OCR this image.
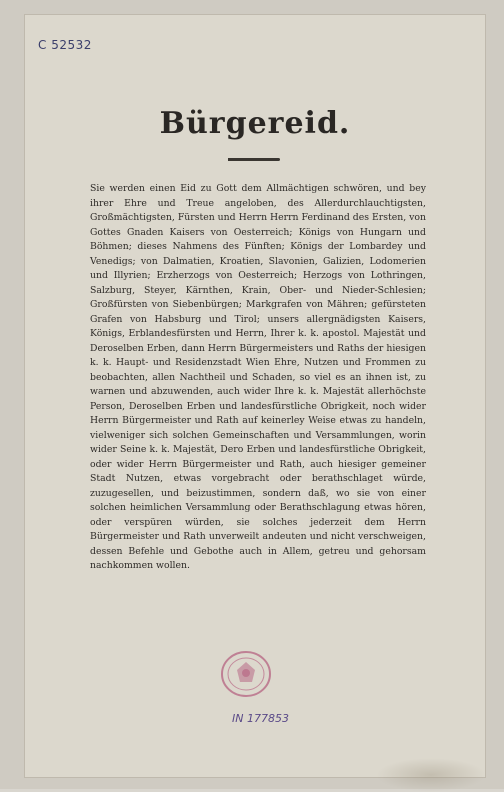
C 52532
Bürgereid.

Sie werden einen Eid zu Gott dem Allmächtigen schwören, und bey ihrer Ehre und Treue angeloben, des Allerdurchlauchtigsten, Großmächtigsten, Fürsten und Herrn Herrn Ferdinand des Ersten, von Gottes Gnaden Kaisers von Oesterreich; Königs von Hungarn und Böhmen; dieses Nahmens des Fünften; Königs der Lombardey und Venedigs; von Dalmatien, Kroatien, Slavonien, Galizien, Lodomerien und Illyrien; Erzherzogs von Oesterreich; Herzogs von Lothringen, Salzburg, Steyer, Kärnthen, Krain, Ober- und Nieder-Schlesien; Großfürsten von Siebenbürgen; Markgrafen von Mähren; gefürsteten Grafen von Habsburg und Tirol; unsers allergnädigsten Kaisers, Königs, Erblandesfürsten und Herrn, Ihrer k. k. apostol. Majestät und Deroselben Erben, dann Herrn Bürgermeisters und Raths der hiesigen k. k. Haupt- und Residenzstadt Wien Ehre, Nutzen und Frommen zu beobachten, allen Nachtheil und Schaden, so viel es an ihnen ist, zu warnen und abzuwenden, auch wider Ihre k. k. Majestät allerhöchste Person, Deroselben Erben und landesfürstliche Obrigkeit, noch wider Herrn Bürgermeister und Rath auf keinerley Weise etwas zu handeln, vielweniger sich solchen Gemeinschaften und Versammlungen, worin wider Seine k. k. Majestät, Dero Erben und landesfürstliche Obrigkeit, oder wider Herrn Bürgermeister und Rath, auch hiesiger gemeiner Stadt Nutzen, etwas vorgebracht oder berathschlaget würde, zuzugesellen, und beizustimmen, sondern daß, wo sie von einer solchen heimlichen Versammlung oder Berathschlagung etwas hören, oder verspüren würden, sie solches jederzeit dem Herrn Bürgermeister und Rath unverweilt andeuten und nicht verschweigen, dessen Befehle und Gebothe auch in Allem, getreu und gehorsam nachkommen wollen.

IN 177853
